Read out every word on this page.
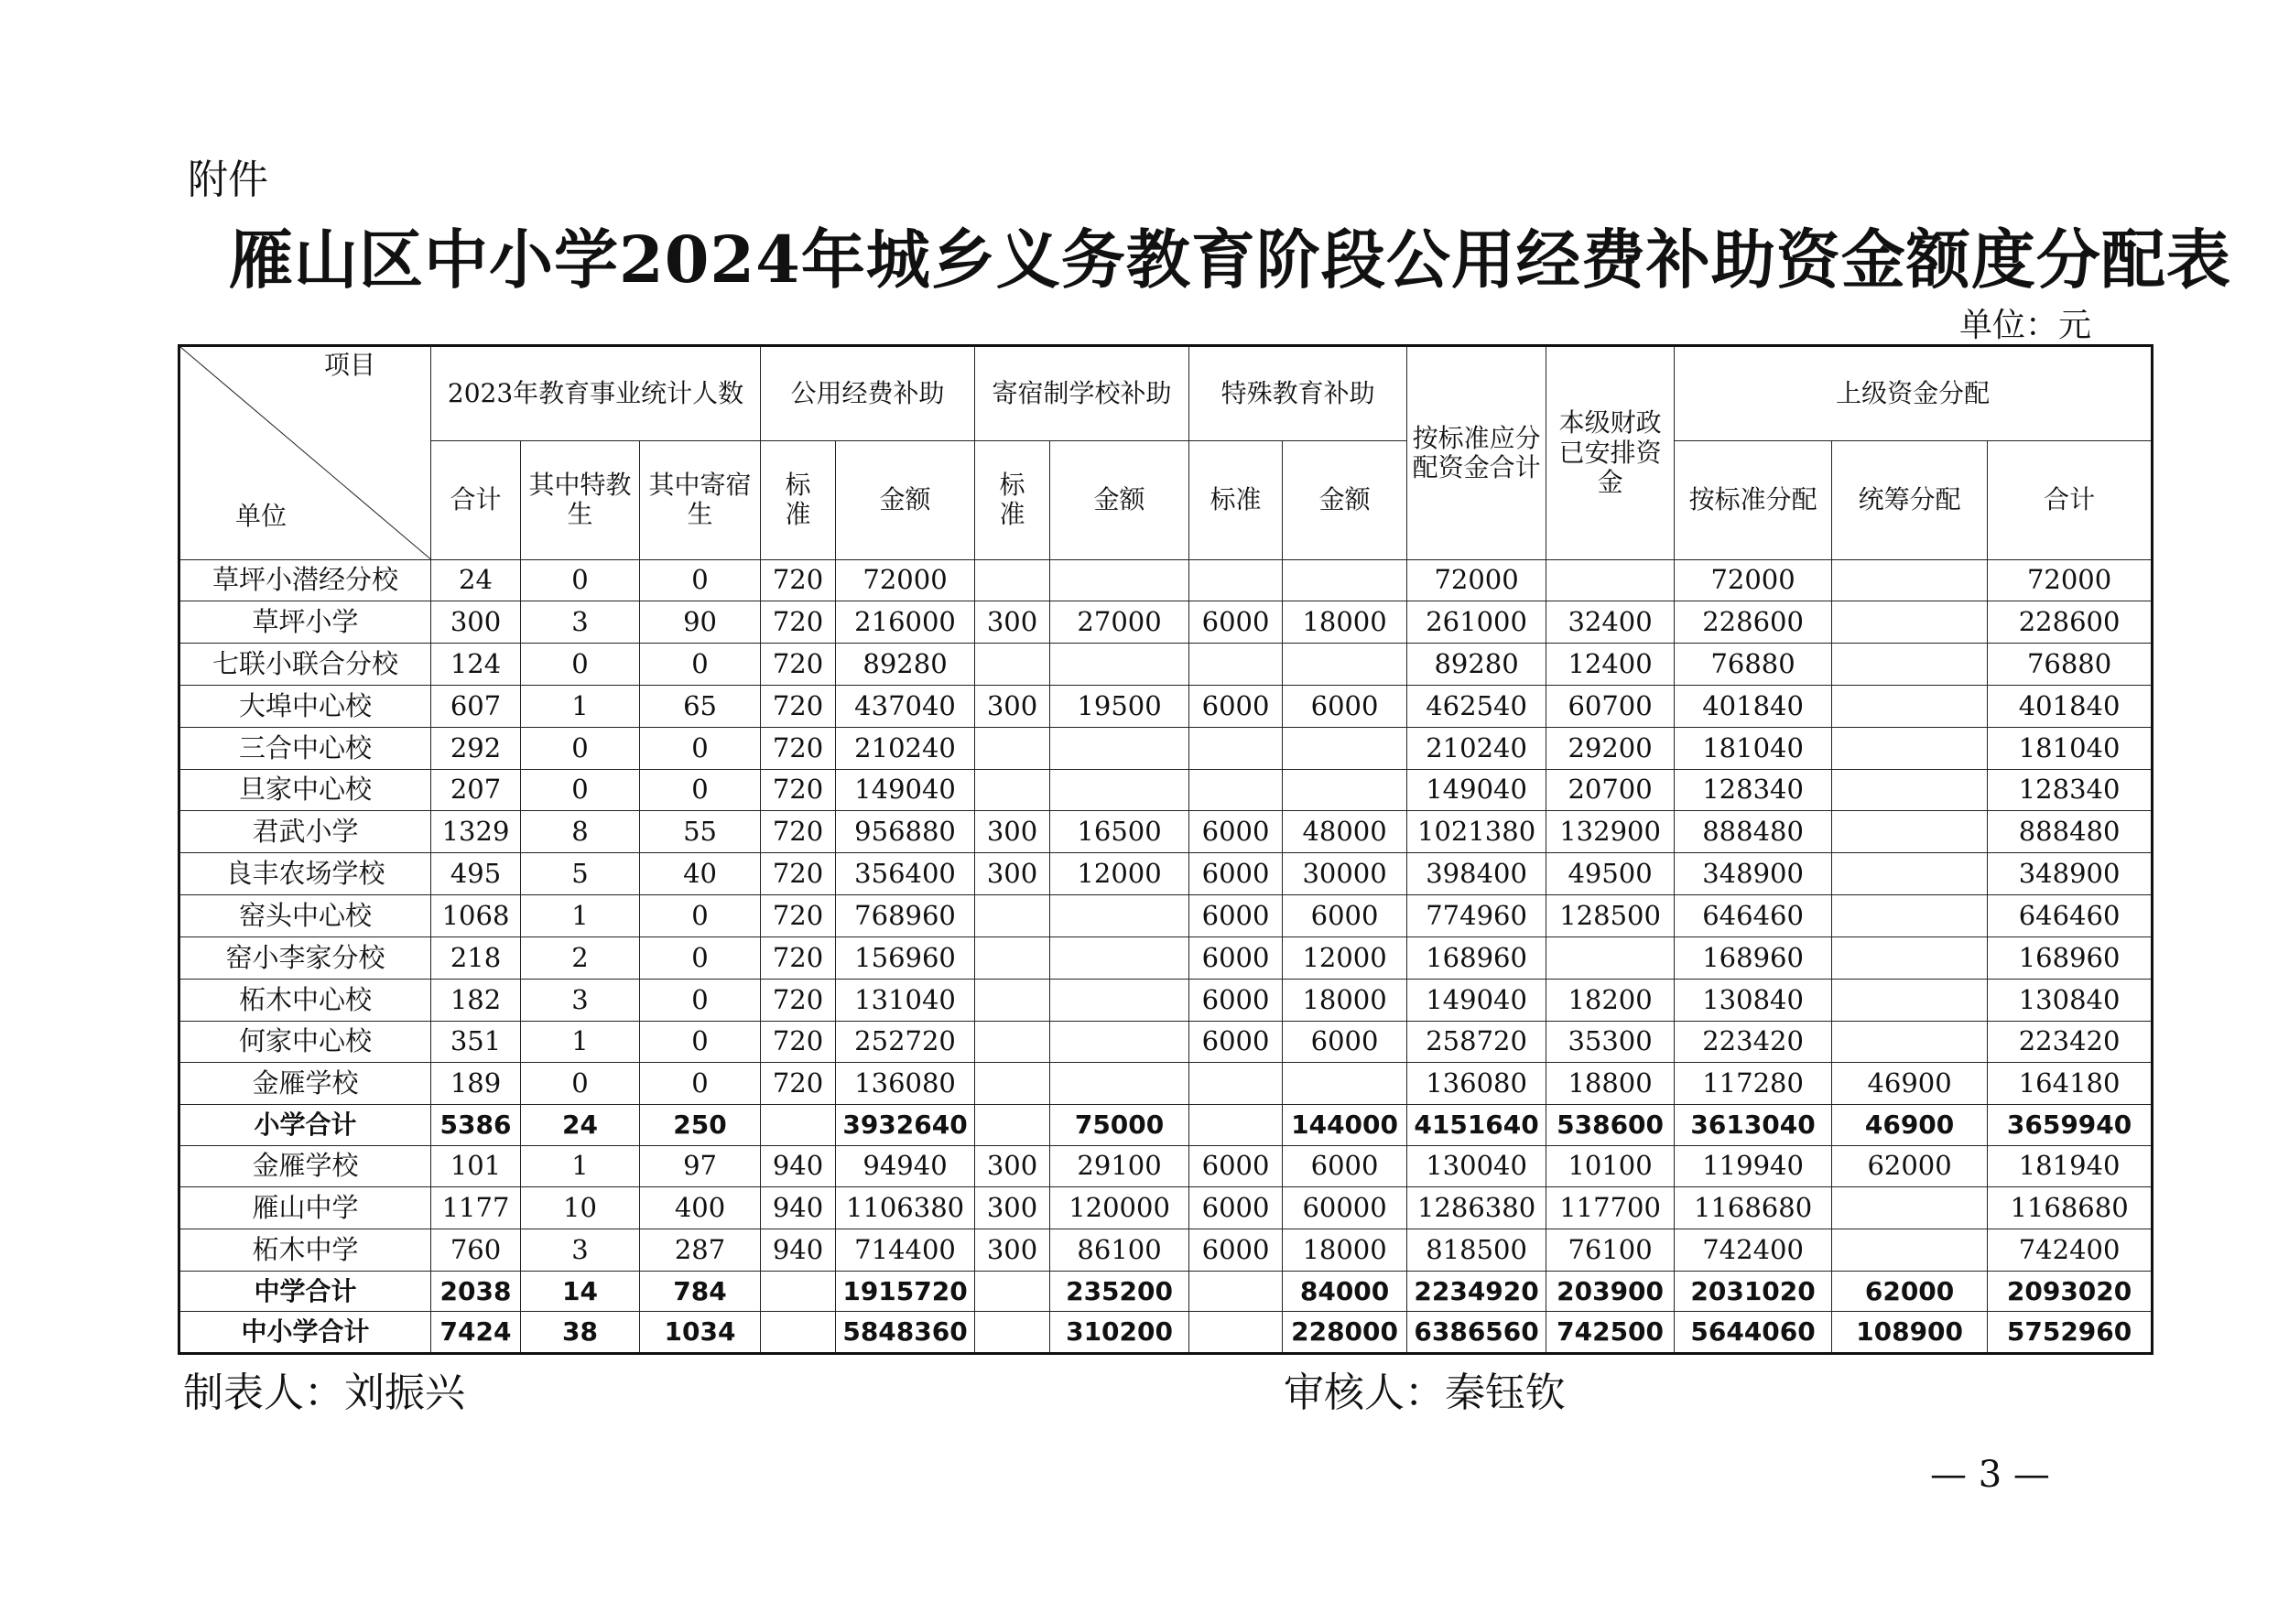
附件
雁山区中小学2024年城乡义务教育阶段公用经费补助资金额度分配表
单位：元
项目
单位	2023年教育事业统计人数			公用经费补助		寄宿制学校补助		特殊教育补助		按标准应分配资金合计	本级财政已安排资金	上级资金分配		
	合计	其中特教生	其中寄宿生	标准	金额	标准	金额	标准	金额			按标准分配	统筹分配	合计
草坪小潜经分校	24	0	0	720	72000					72000		72000		72000
草坪小学	300	3	90	720	216000	300	27000	6000	18000	261000	32400	228600		228600
七联小联合分校	124	0	0	720	89280					89280	12400	76880		76880
大埠中心校	607	1	65	720	437040	300	19500	6000	6000	462540	60700	401840		401840
三合中心校	292	0	0	720	210240					210240	29200	181040		181040
旦家中心校	207	0	0	720	149040					149040	20700	128340		128340
君武小学	1329	8	55	720	956880	300	16500	6000	48000	1021380	132900	888480		888480
良丰农场学校	495	5	40	720	356400	300	12000	6000	30000	398400	49500	348900		348900
窑头中心校	1068	1	0	720	768960			6000	6000	774960	128500	646460		646460
窑小李家分校	218	2	0	720	156960			6000	12000	168960		168960		168960
柘木中心校	182	3	0	720	131040			6000	18000	149040	18200	130840		130840
何家中心校	351	1	0	720	252720			6000	6000	258720	35300	223420		223420
金雁学校	189	0	0	720	136080					136080	18800	117280	46900	164180
小学合计	5386	24	250		3932640		75000		144000	4151640	538600	3613040	46900	3659940
金雁学校	101	1	97	940	94940	300	29100	6000	6000	130040	10100	119940	62000	181940
雁山中学	1177	10	400	940	1106380	300	120000	6000	60000	1286380	117700	1168680		1168680
柘木中学	760	3	287	940	714400	300	86100	6000	18000	818500	76100	742400		742400
中学合计	2038	14	784		1915720		235200		84000	2234920	203900	2031020	62000	2093020
中小学合计	7424	38	1034		5848360		310200		228000	6386560	742500	5644060	108900	5752960
制表人：刘振兴	审核人：秦钰钦
— 3 —
